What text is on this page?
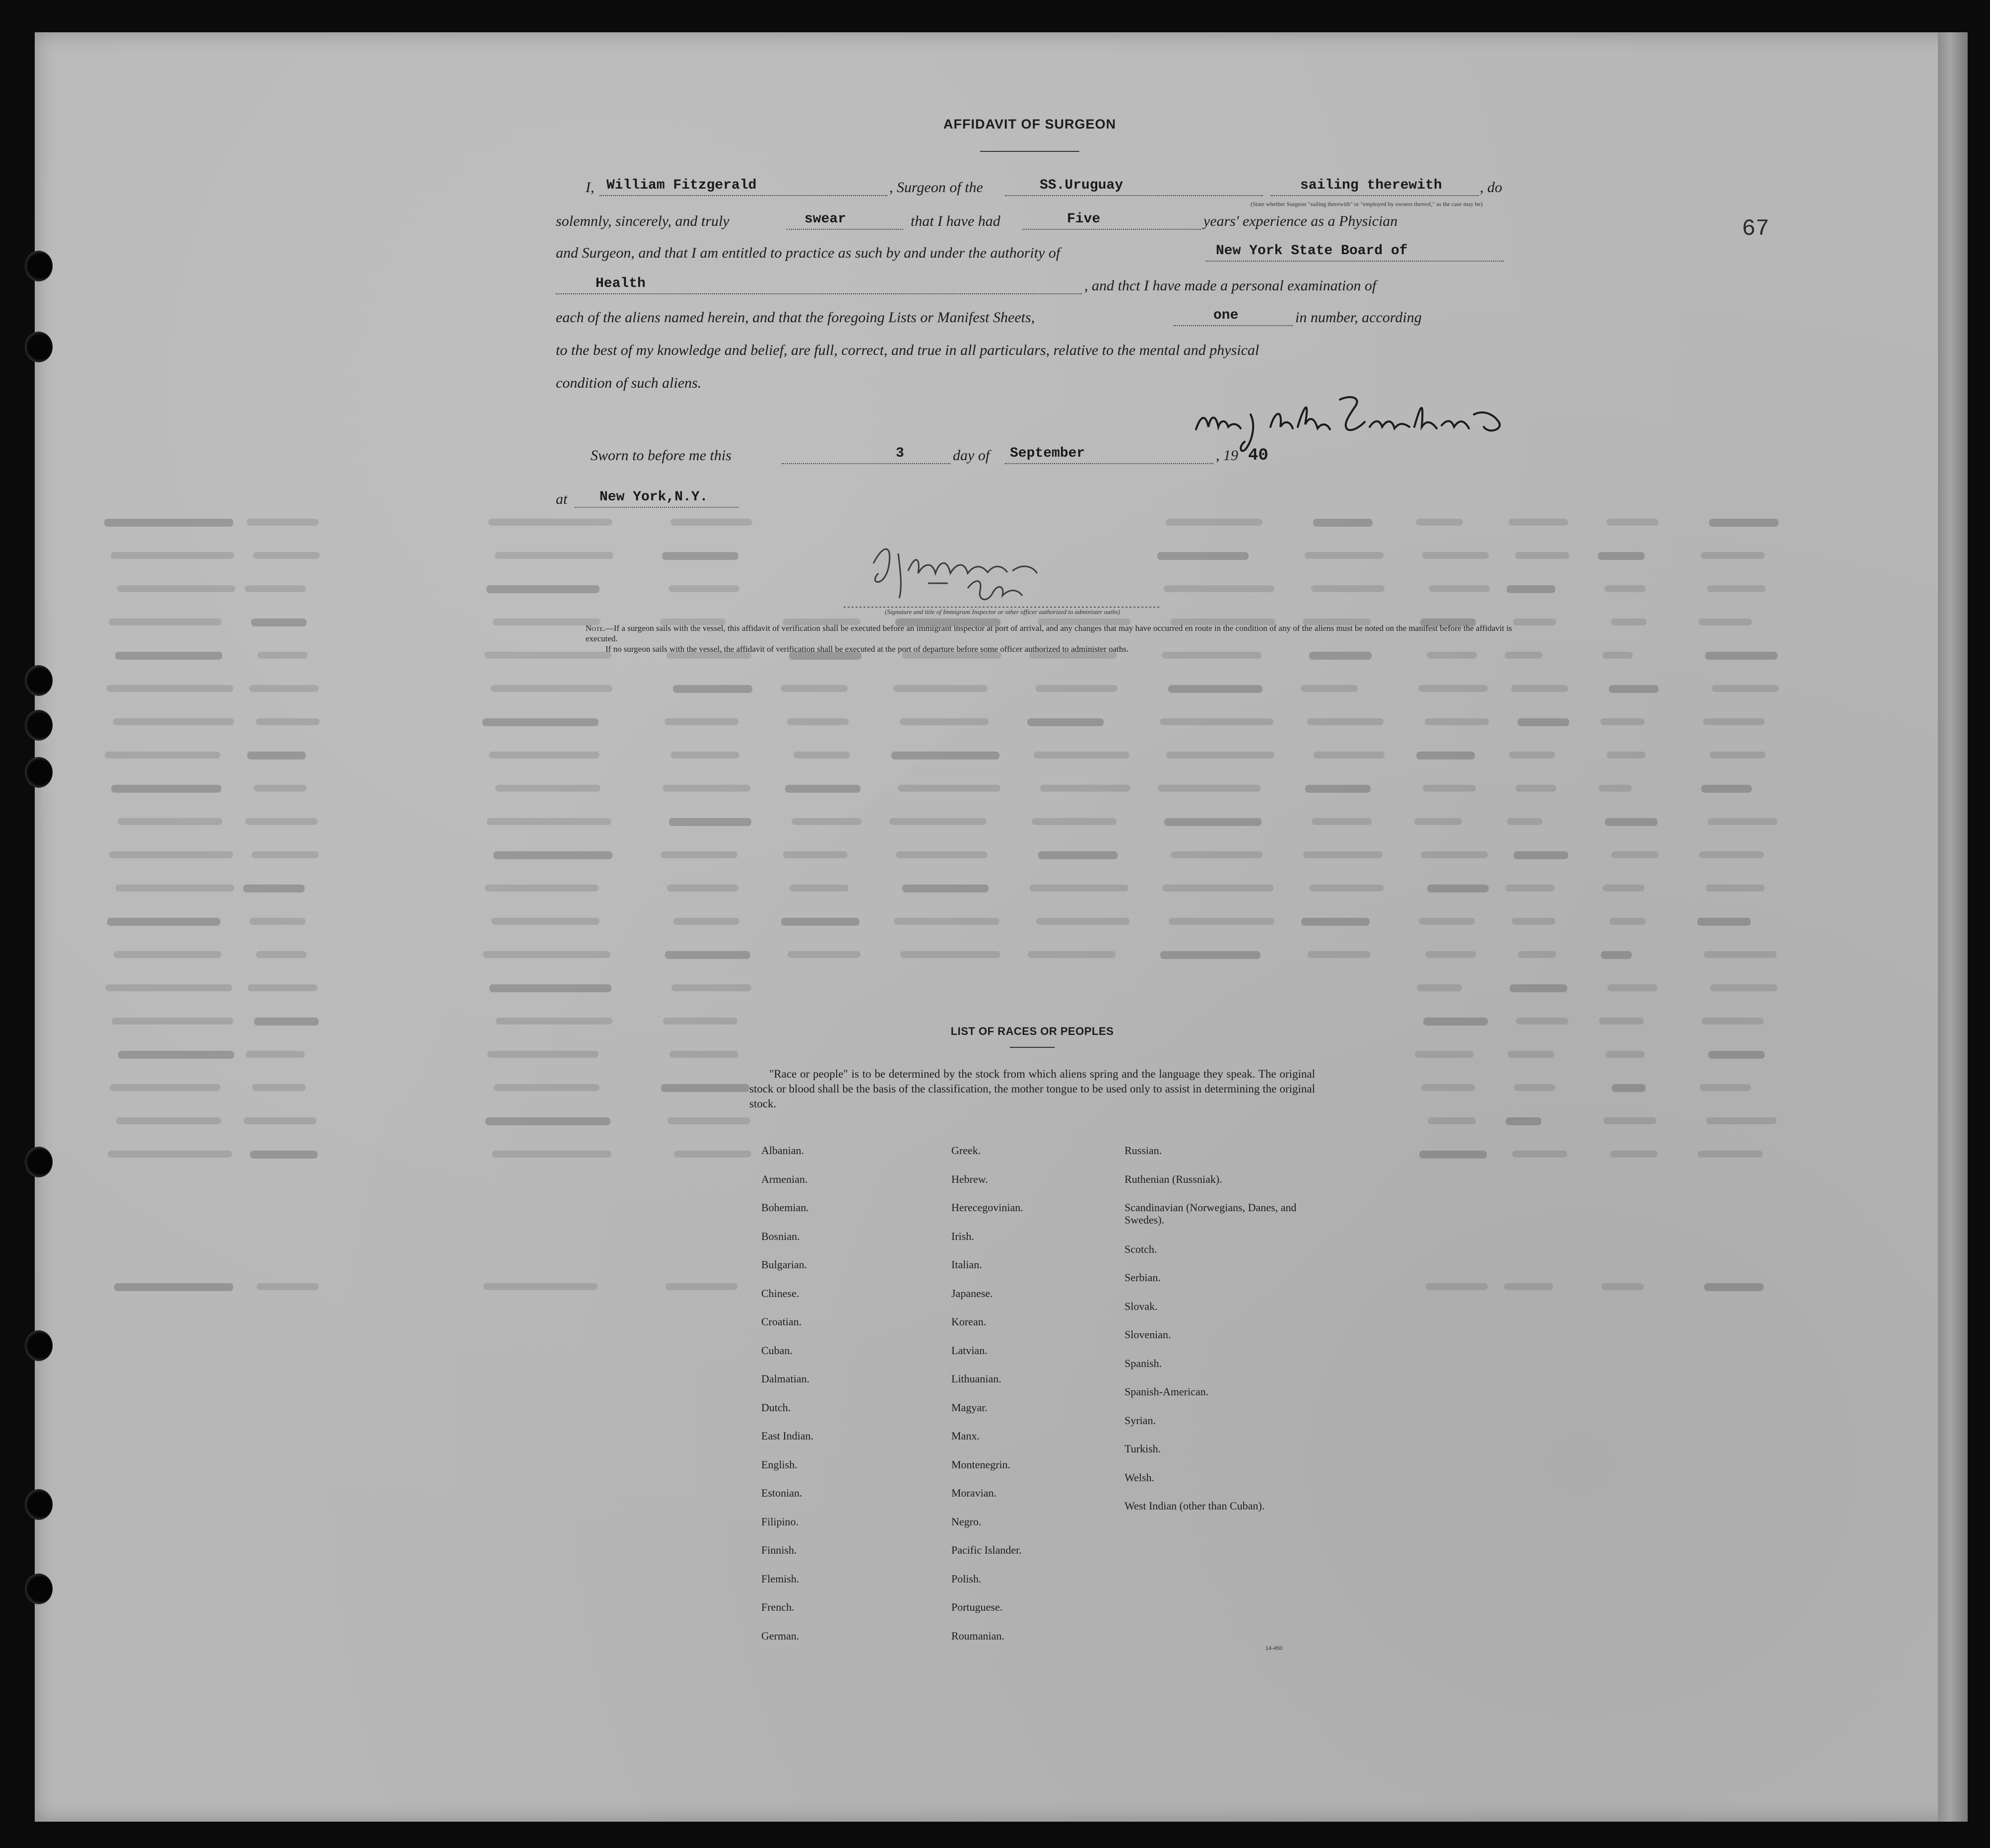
67

AFFIDAVIT OF SURGEON

I, William Fitzgerald	, Surgeon of the	SS.Uruguay	sailing therewith	, do
(State whether Surgeon "sailing therewith" or "employed by owners thereof," as the case may be)
solemnly, sincerely, and truly	swear	that I have had	Five	years' experience as a Physician
and Surgeon, and that I am entitled to practice as such by and under the authority of	New York State Board of
Health	, and thct I have made a personal examination of
each of the aliens named herein, and that the foregoing Lists or Manifest Sheets,	one	in number, according
to the best of my knowledge and belief, are full, correct, and true in all particulars, relative to the mental and physical
condition of such aliens.
Sworn to before me this	3	day of September	, 19 40
at New York,N.Y.
(Signature and title of Immigrant Inspector or other officer authorized to administer oaths)

Note.—If a surgeon sails with the vessel, this affidavit of verification shall be executed before an immigrant inspector at port of arrival, and any changes that may have occurred en route in the condition of any of the aliens must be noted on the manifest before the affidavit is executed.

If no surgeon sails with the vessel, the affidavit of verification shall be executed at the port of departure before some officer authorized to administer oaths.

LIST OF RACES OR PEOPLES

"Race or people" is to be determined by the stock from which aliens spring and the language they speak. The original stock or blood shall be the basis of the classification, the mother tongue to be used only to assist in determining the original stock.

Albanian.
Armenian.
Bohemian.
Bosnian.
Bulgarian.
Chinese.
Croatian.
Cuban.
Dalmatian.
Dutch.
East Indian.
English.
Estonian.
Filipino.
Finnish.
Flemish.
French.
German.
Greek.
Hebrew.
Herecegovinian.
Irish.
Italian.
Japanese.
Korean.
Latvian.
Lithuanian.
Magyar.
Manx.
Montenegrin.
Moravian.
Negro.
Pacific Islander.
Polish.
Portuguese.
Roumanian.
Russian.
Ruthenian (Russniak).
Scandinavian (Norwegians, Danes, and Swedes).
Scotch.
Serbian.
Slovak.
Slovenian.
Spanish.
Spanish-American.
Syrian.
Turkish.
Welsh.
West Indian (other than Cuban).
14-450
